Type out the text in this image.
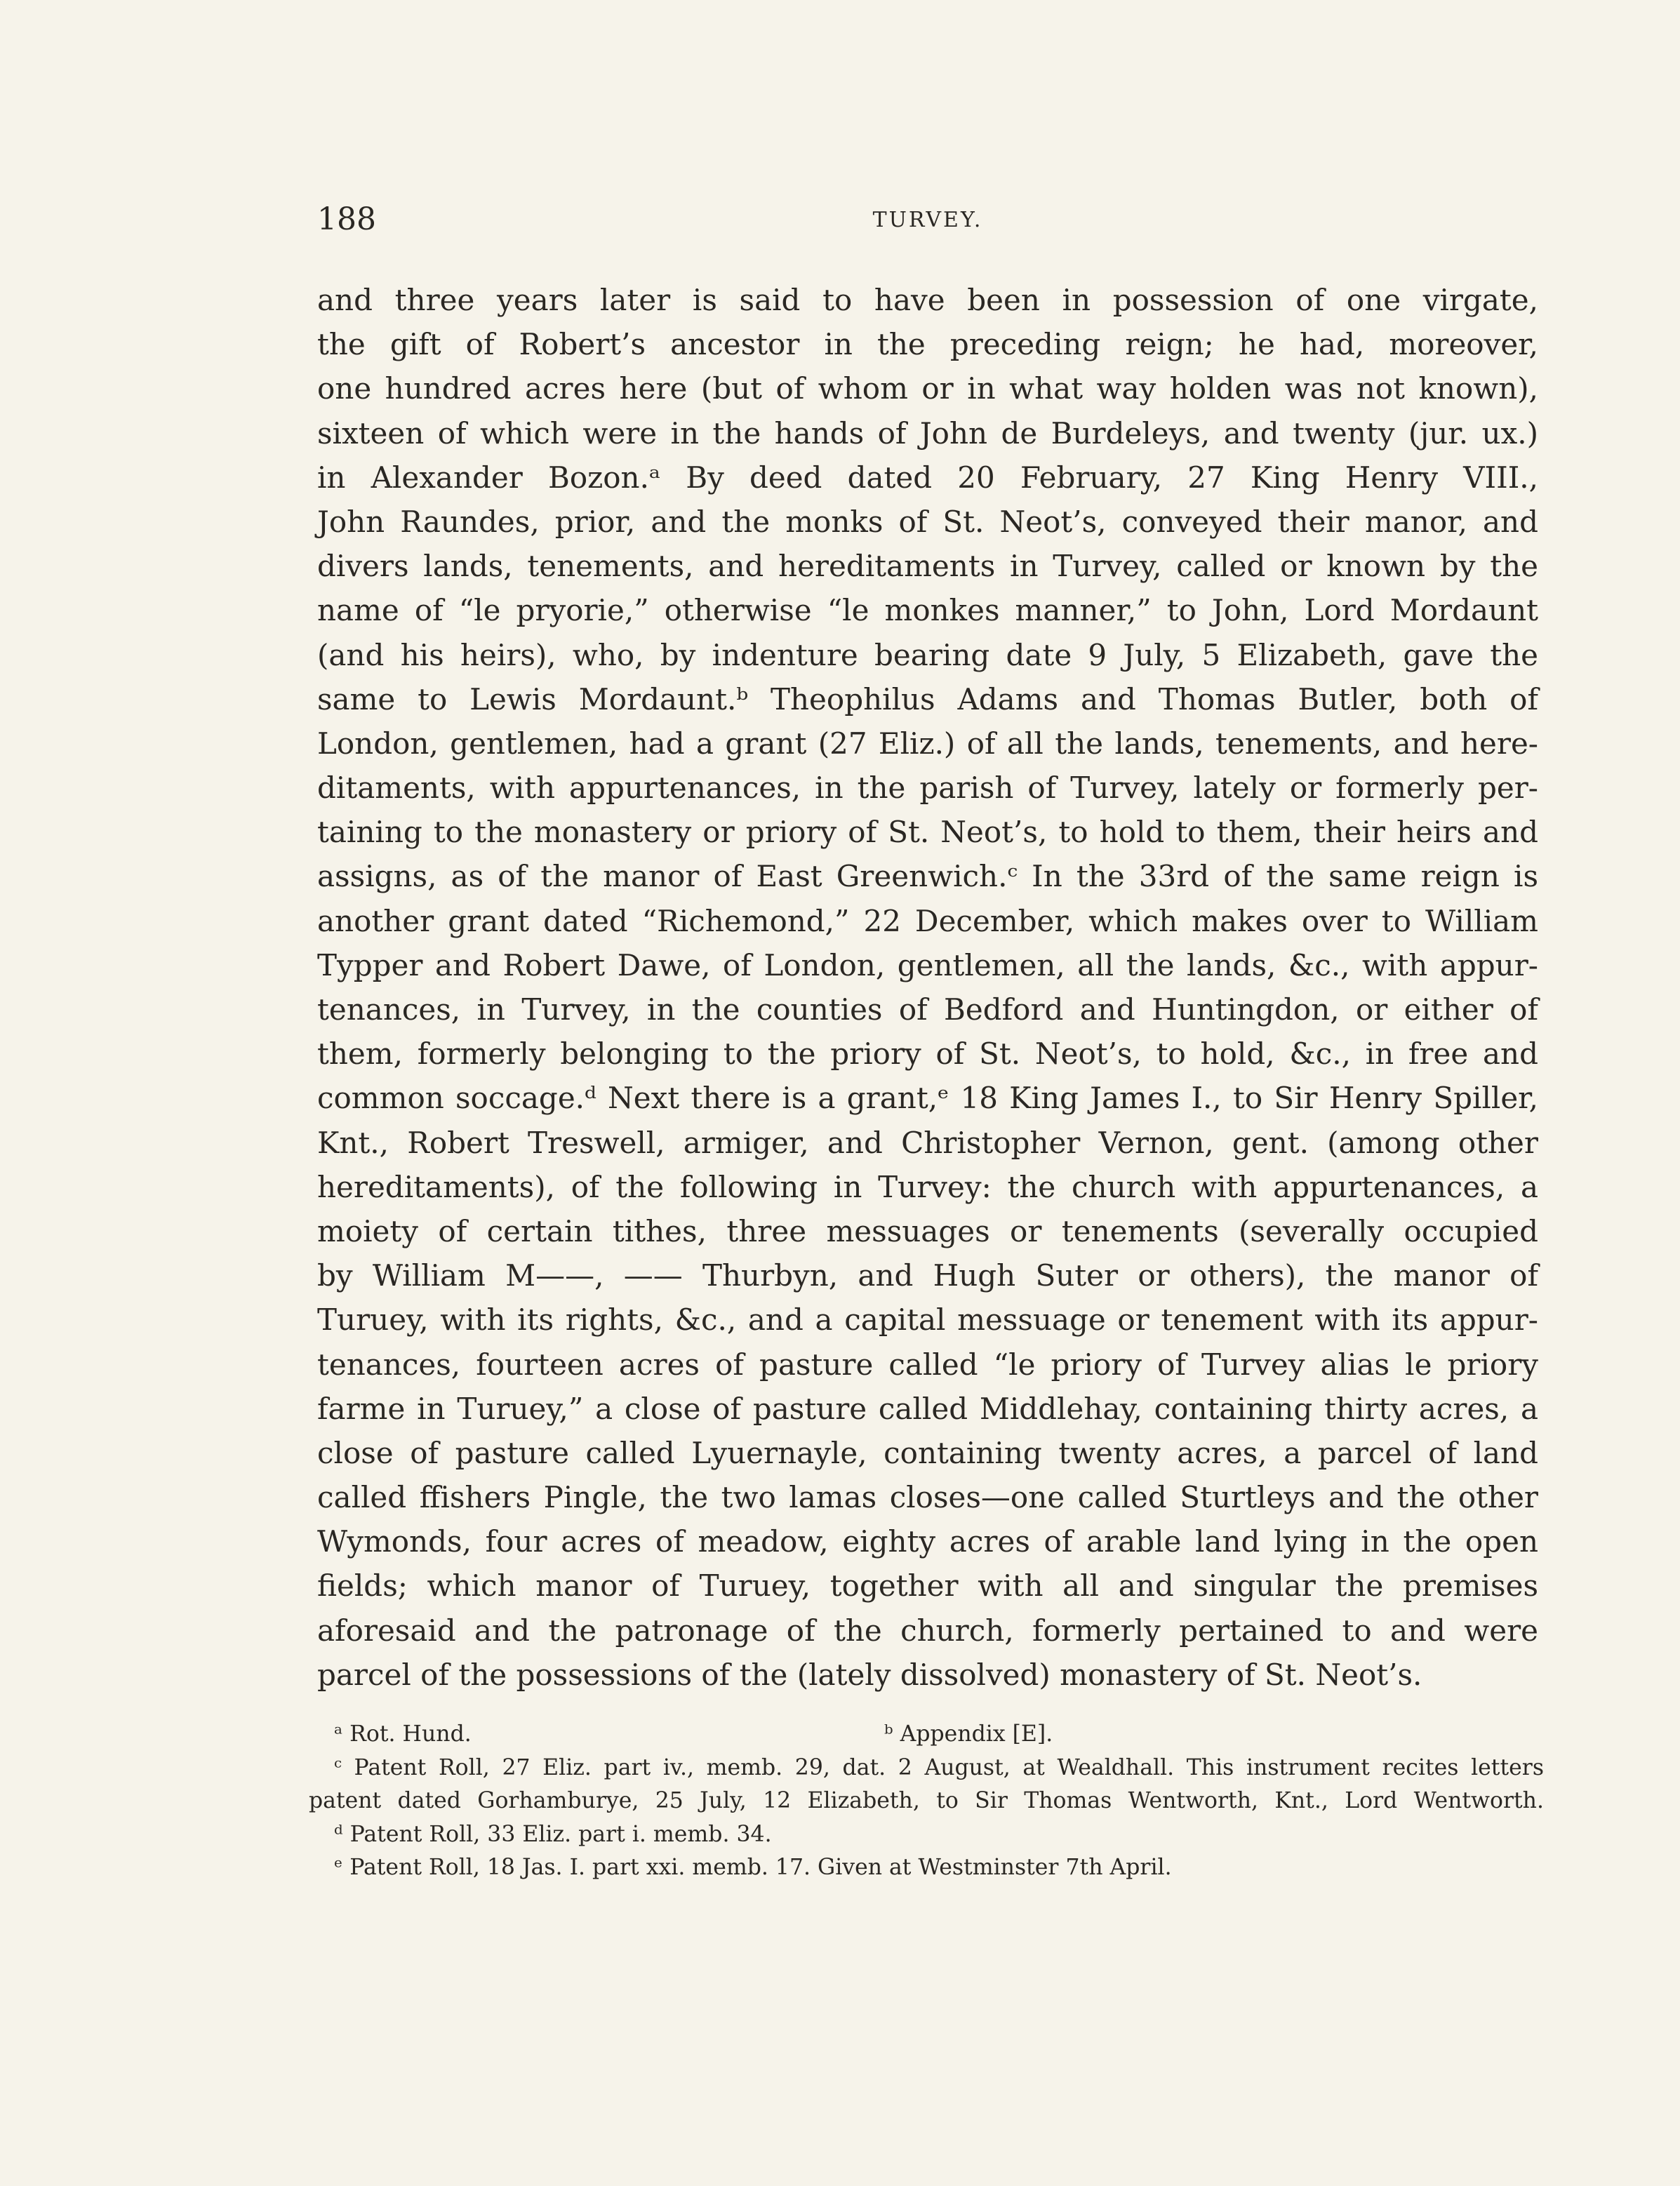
188	TURVEY.
and three years later is said to have been in possession of one virgate,
the gift of Robert’s ancestor in the preceding reign; he had, moreover,
one hundred acres here (but of whom or in what way holden was not known),
sixteen of which were in the hands of John de Burdeleys, and twenty (jur. ux.)
in Alexander Bozon.ᵃ By deed dated 20 February, 27 King Henry VIII.,
John Raundes, prior, and the monks of St. Neot’s, conveyed their manor, and
divers lands, tenements, and hereditaments in Turvey, called or known by the
name of “le pryorie,” otherwise “le monkes manner,” to John, Lord Mordaunt
(and his heirs), who, by indenture bearing date 9 July, 5 Elizabeth, gave the
same to Lewis Mordaunt.ᵇ Theophilus Adams and Thomas Butler, both of
London, gentlemen, had a grant (27 Eliz.) of all the lands, tenements, and here-
ditaments, with appurtenances, in the parish of Turvey, lately or formerly per-
taining to the monastery or priory of St. Neot’s, to hold to them, their heirs and
assigns, as of the manor of East Greenwich.ᶜ In the 33rd of the same reign is
another grant dated “Richemond,” 22 December, which makes over to William
Typper and Robert Dawe, of London, gentlemen, all the lands, &c., with appur-
tenances, in Turvey, in the counties of Bedford and Huntingdon, or either of
them, formerly belonging to the priory of St. Neot’s, to hold, &c., in free and
common soccage.ᵈ Next there is a grant,ᵉ 18 King James I., to Sir Henry Spiller,
Knt., Robert Treswell, armiger, and Christopher Vernon, gent. (among other
hereditaments), of the following in Turvey: the church with appurtenances, a
moiety of certain tithes, three messuages or tenements (severally occupied
by William M——, —— Thurbyn, and Hugh Suter or others), the manor of
Turuey, with its rights, &c., and a capital messuage or tenement with its appur-
tenances, fourteen acres of pasture called “le priory of Turvey alias le priory
farme in Turuey,” a close of pasture called Middlehay, containing thirty acres, a
close of pasture called Lyuernayle, containing twenty acres, a parcel of land
called ffishers Pingle, the two lamas closes—one called Sturtleys and the other
Wymonds, four acres of meadow, eighty acres of arable land lying in the open
fields; which manor of Turuey, together with all and singular the premises
aforesaid and the patronage of the church, formerly pertained to and were
parcel of the possessions of the (lately dissolved) monastery of St. Neot’s.
ᵃ Rot. Hund.	ᵇ Appendix [E].
ᶜ Patent Roll, 27 Eliz. part iv., memb. 29, dat. 2 August, at Wealdhall. This instrument recites letters
patent dated Gorhamburye, 25 July, 12 Elizabeth, to Sir Thomas Wentworth, Knt., Lord Wentworth.
ᵈ Patent Roll, 33 Eliz. part i. memb. 34.
ᵉ Patent Roll, 18 Jas. I. part xxi. memb. 17. Given at Westminster 7th April.
